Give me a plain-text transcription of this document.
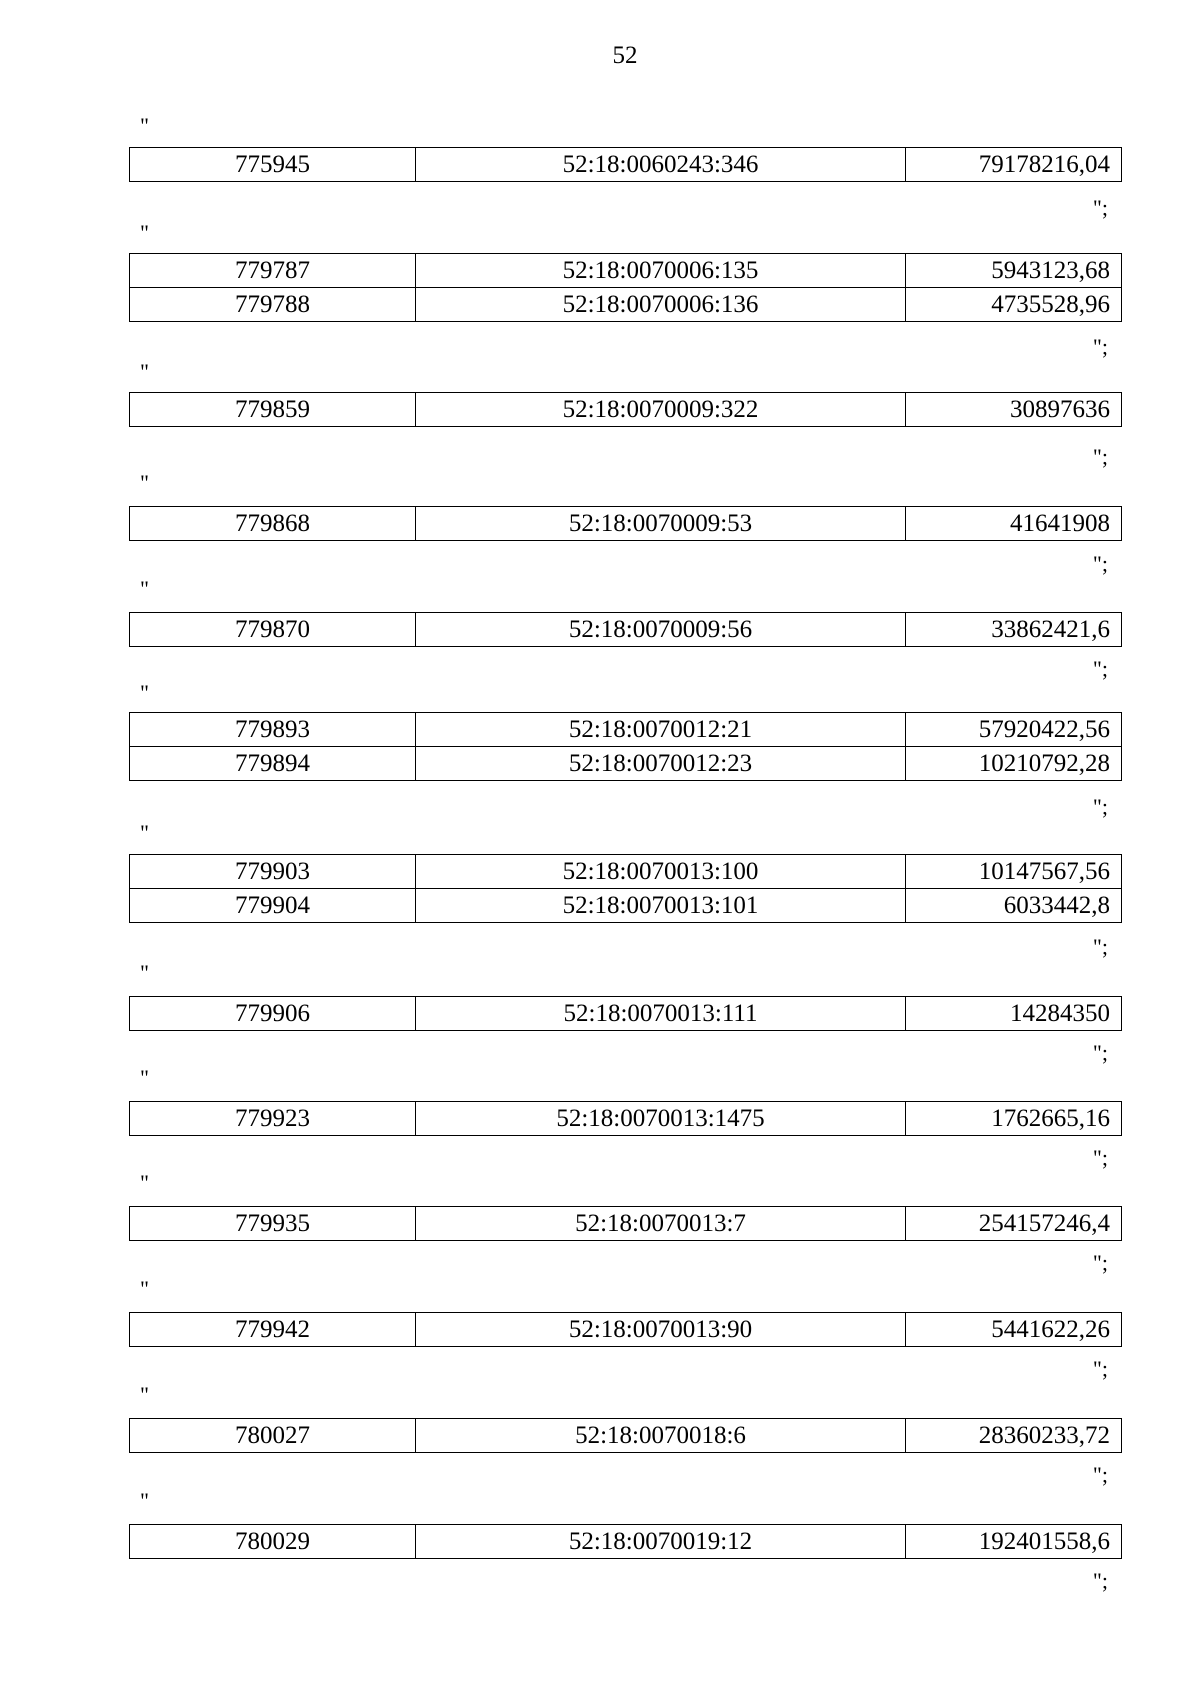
52
"
775945	52:18:0060243:346	79178216,04
";
"
779787	52:18:0070006:135	5943123,68
779788	52:18:0070006:136	4735528,96
";
"
779859	52:18:0070009:322	30897636
";
"
779868	52:18:0070009:53	41641908
";
"
779870	52:18:0070009:56	33862421,6
";
"
779893	52:18:0070012:21	57920422,56
779894	52:18:0070012:23	10210792,28
";
"
779903	52:18:0070013:100	10147567,56
779904	52:18:0070013:101	6033442,8
";
"
779906	52:18:0070013:111	14284350
";
"
779923	52:18:0070013:1475	1762665,16
";
"
779935	52:18:0070013:7	254157246,4
";
"
779942	52:18:0070013:90	5441622,26
";
"
780027	52:18:0070018:6	28360233,72
";
"
780029	52:18:0070019:12	192401558,6
";
